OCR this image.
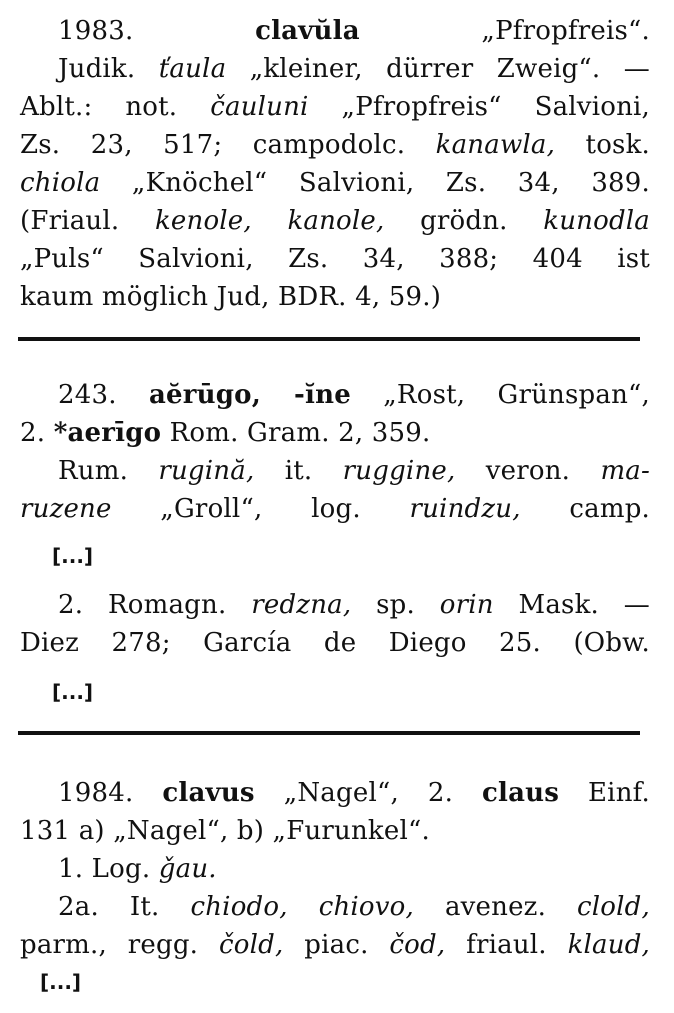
1983.	clavŭla	„Pfropfreis“.
Judik. ťaula „kleiner, dürrer Zweig“. —
Ablt.: not. čauluni „Pfropfreis“ Salvioni,
Zs. 23, 517; campodolc. kanawla, tosk.
chiola „Knöchel“ Salvioni, Zs. 34, 389.
(Friaul. kenole, kanole, grödn. kunodla
„Puls“ Salvioni, Zs. 34, 388; 404 ist
kaum möglich Jud, BDR. 4, 59.)
243. aĕrūgo, -ĭne „Rost, Grünspan“,
2. *aerīgo Rom. Gram. 2, 359.
Rum. rugină, it. ruggine, veron. ma-
ruzene „Groll“, log. ruindzu, camp.
[...]
2. Romagn. redzna, sp. orin Mask. —
Diez 278; García de Diego 25. (Obw.
[...]
1984. clavus „Nagel“, 2. claus Einf.
131 a) „Nagel“, b) „Furunkel“.
1. Log. ǧau.
2a. It. chiodo, chiovo, avenez. clold,
parm., regg. čold, piac. čod, friaul. klaud,
[...]
